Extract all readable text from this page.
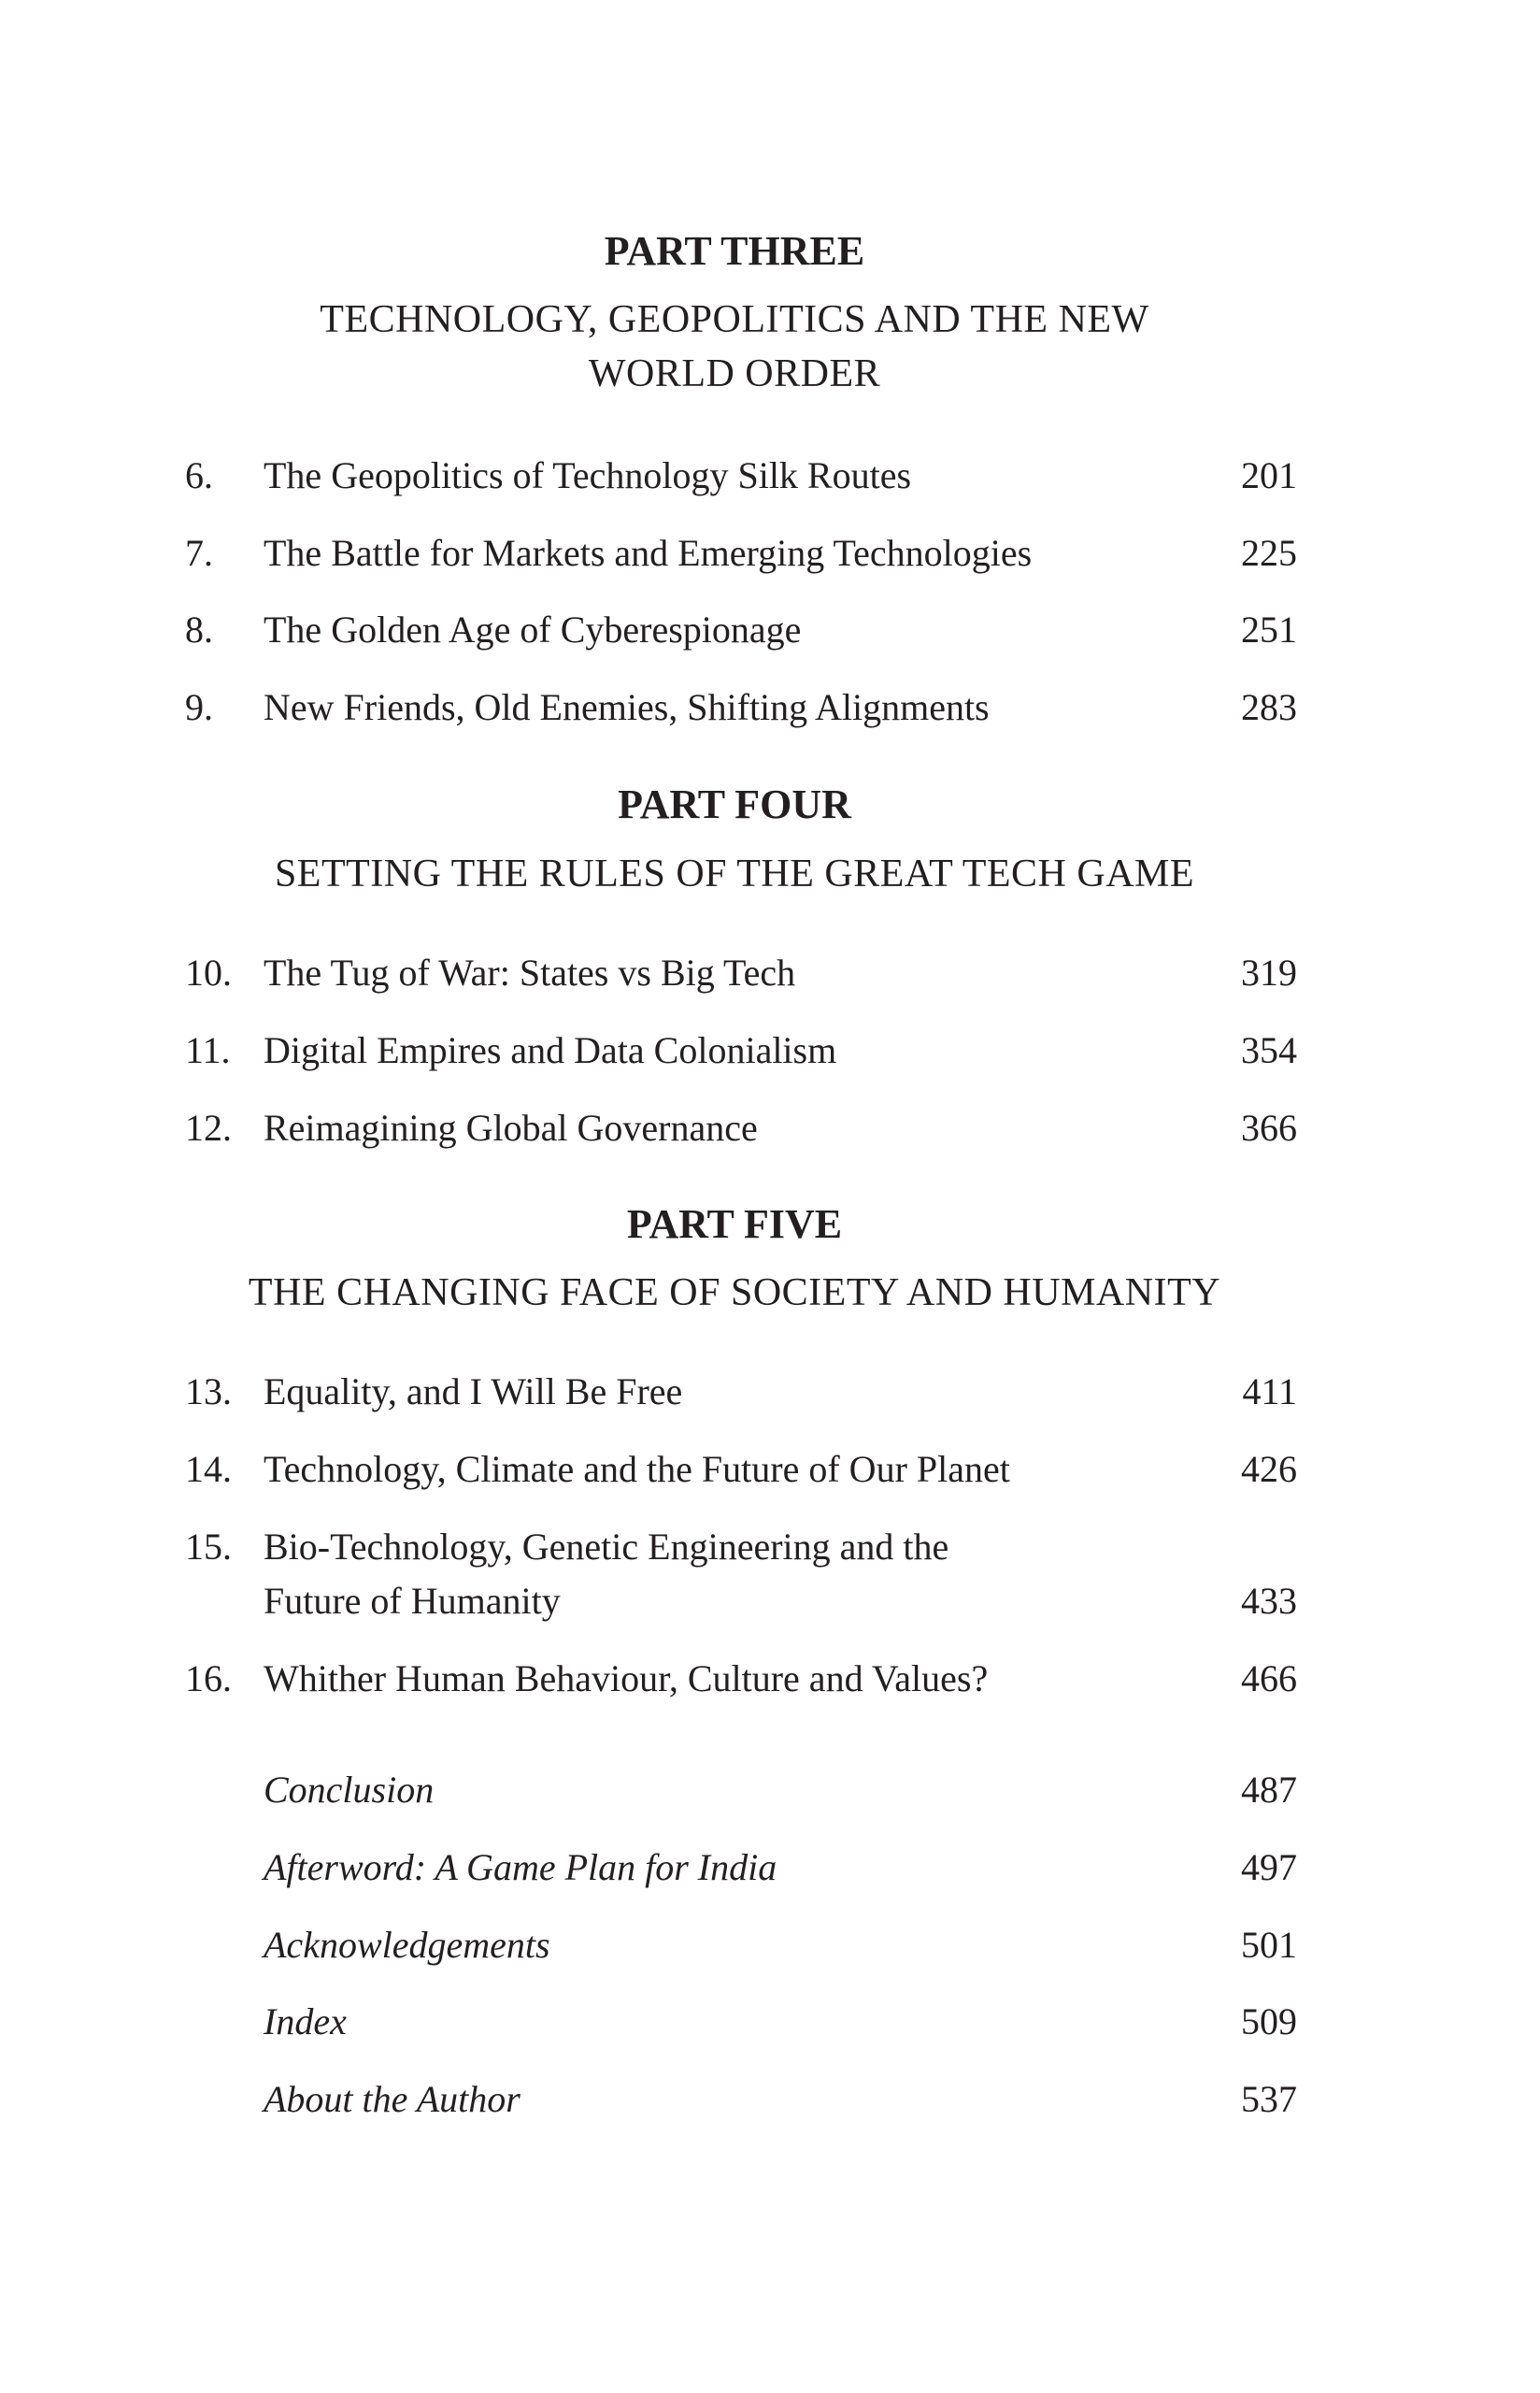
PART THREE
TECHNOLOGY, GEOPOLITICS AND THE NEW
WORLD ORDER
6.	The Geopolitics of Technology Silk Routes	201
7.	The Battle for Markets and Emerging Technologies	225
8.	The Golden Age of Cyberespionage	251
9.	New Friends, Old Enemies, Shifting Alignments	283
PART FOUR
SETTING THE RULES OF THE GREAT TECH GAME
10. The Tug of War: States vs Big Tech	319
11. Digital Empires and Data Colonialism	354
12. Reimagining Global Governance	366
PART FIVE
THE CHANGING FACE OF SOCIETY AND HUMANITY
13. Equality, and I Will Be Free	411
14. Technology, Climate and the Future of Our Planet	426
15. Bio-Technology, Genetic Engineering and the
Future of Humanity	433
16. Whither Human Behaviour, Culture and Values?	466
Conclusion	487
Afterword: A Game Plan for India	497
Acknowledgements	501
Index	509
About the Author	537
